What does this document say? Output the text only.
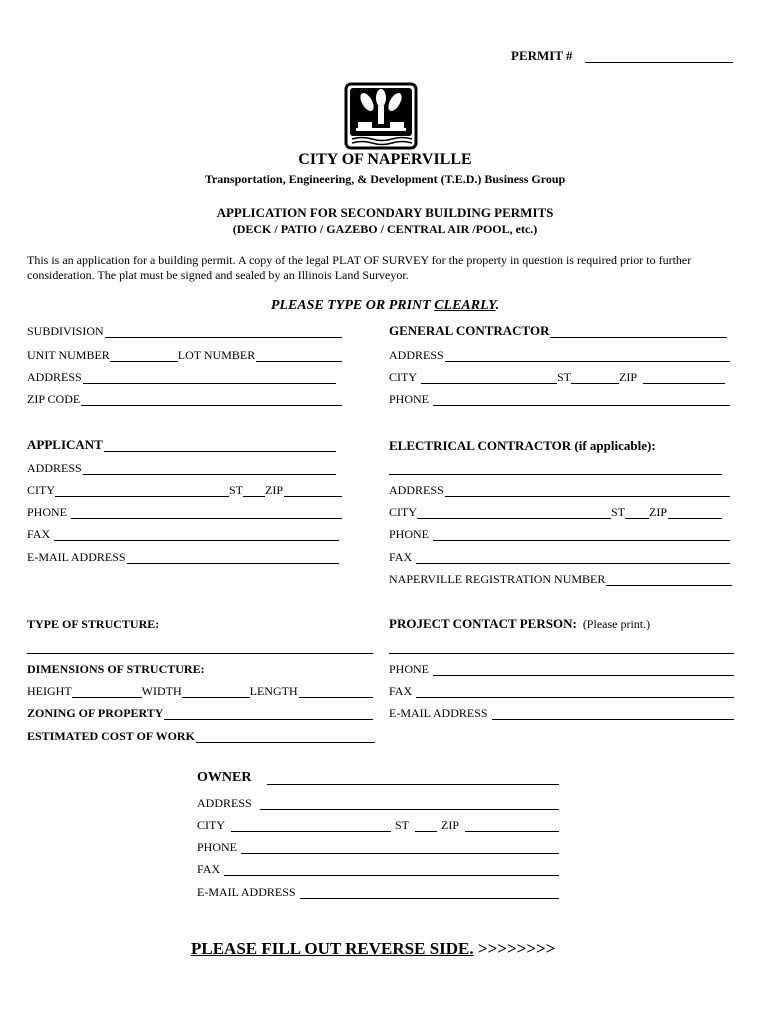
PERMIT #
CITY OF NAPERVILLE
Transportation, Engineering, & Development (T.E.D.) Business Group
APPLICATION FOR SECONDARY BUILDING PERMITS
(DECK / PATIO / GAZEBO / CENTRAL AIR /POOL, etc.)
This is an application for a building permit. A copy of the legal PLAT OF SURVEY for the property in question is required prior to further
consideration. The plat must be signed and sealed by an Illinois Land Surveyor.
PLEASE TYPE OR PRINT CLEARLY.
SUBDIVISION
UNIT NUMBER	LOT NUMBER
ADDRESS
ZIP CODE
APPLICANT
ADDRESS
CITY	ST ZIP
PHONE
FAX
E-MAIL ADDRESS
TYPE OF STRUCTURE:
DIMENSIONS OF STRUCTURE:
HEIGHT	WIDTH	LENGTH
ZONING OF PROPERTY
ESTIMATED COST OF WORK
GENERAL CONTRACTOR
ADDRESS
CITY	ST	ZIP
PHONE
ELECTRICAL CONTRACTOR (if applicable):
ADDRESS
CITY	ST ZIP
PHONE
FAX
NAPERVILLE REGISTRATION NUMBER
PROJECT CONTACT PERSON: (Please print.)
PHONE
FAX
E-MAIL ADDRESS
OWNER
ADDRESS
CITY	ST	ZIP
PHONE
FAX
E-MAIL ADDRESS
PLEASE FILL OUT REVERSE SIDE. >>>>>>>>
